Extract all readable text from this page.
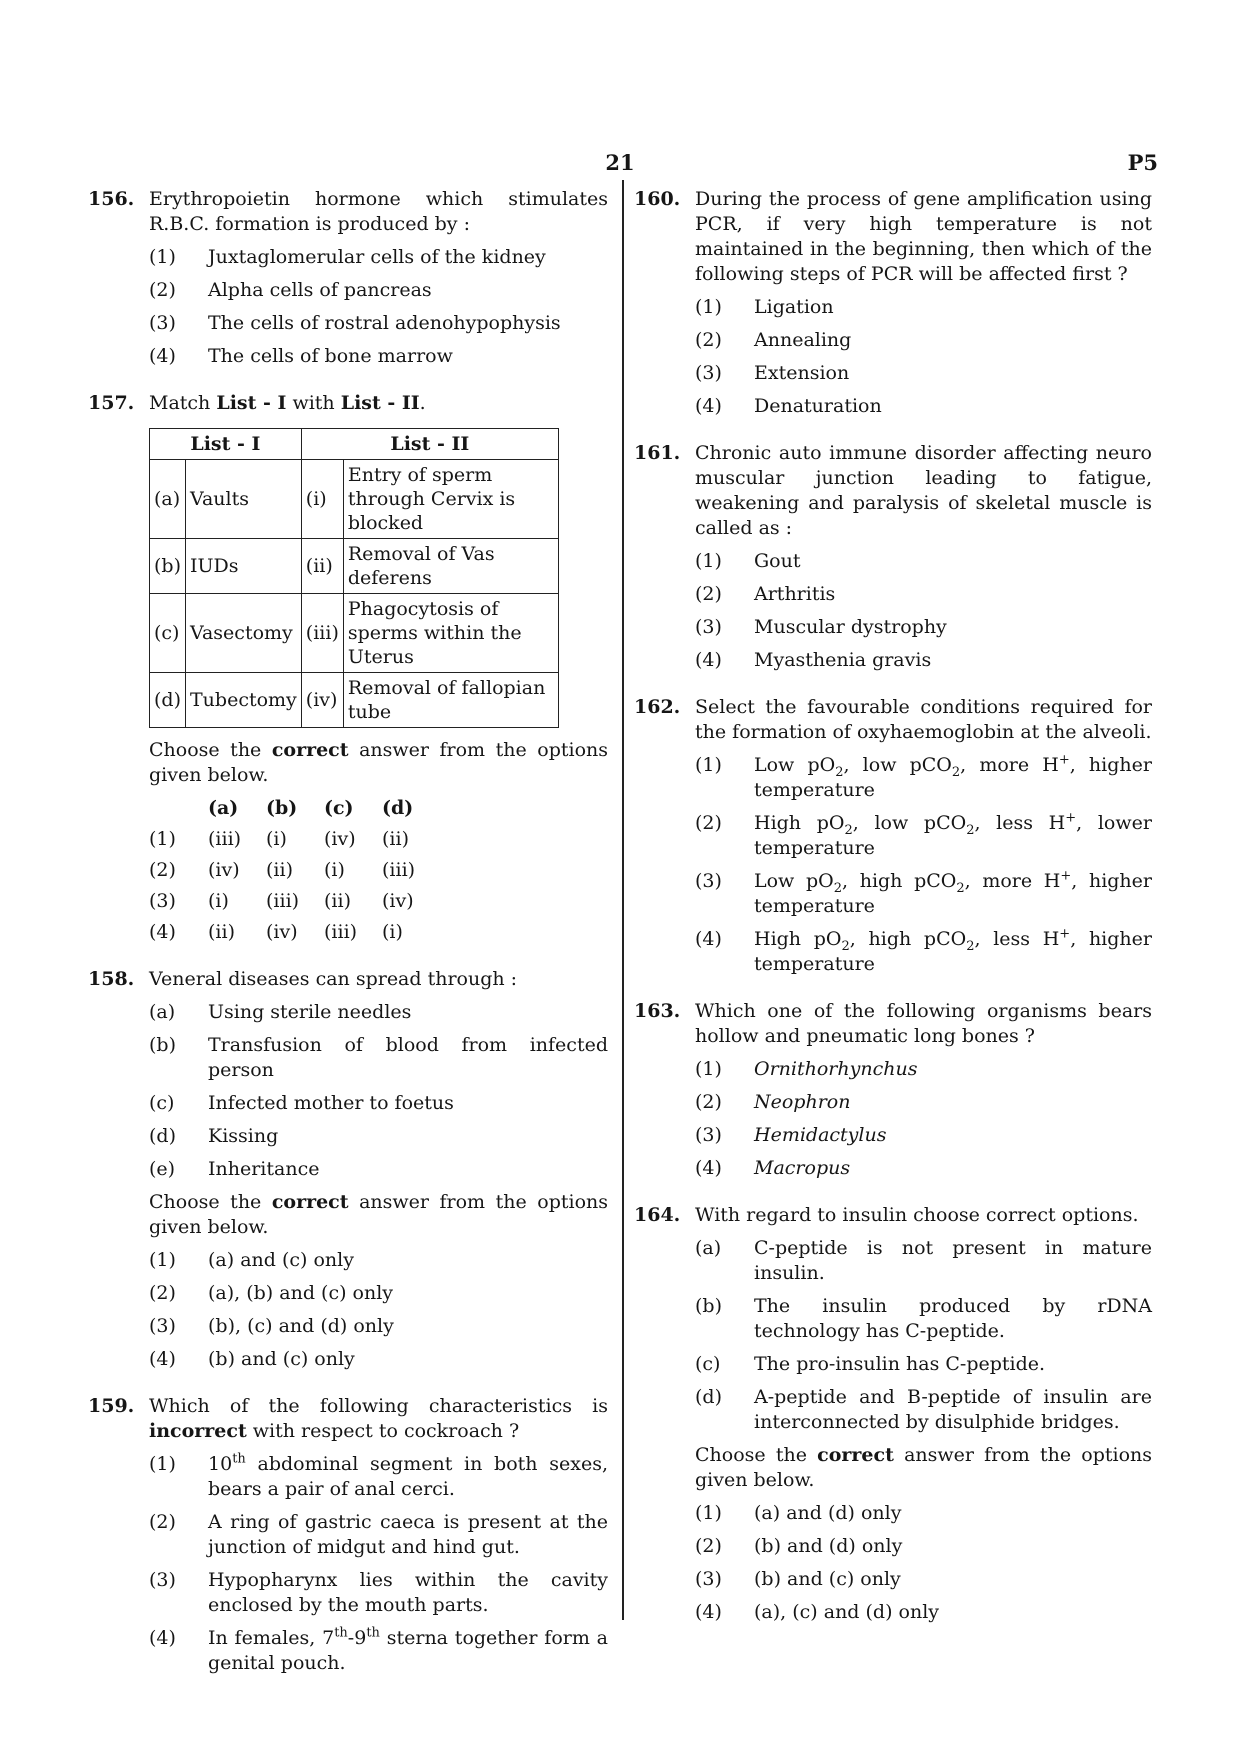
21	P5
156. Erythropoietin hormone which stimulates R.B.C. formation is produced by :
(1) Juxtaglomerular cells of the kidney
(2) Alpha cells of pancreas
(3) The cells of rostral adenohypophysis
(4) The cells of bone marrow
157. Match List - I with List - II.
List - I		List - II	
(a)	Vaults	(i)	Entry of sperm through Cervix is blocked
(b)	IUDs	(ii)	Removal of Vas deferens
(c)	Vasectomy	(iii)	Phagocytosis of sperms within the Uterus
(d)	Tubectomy	(iv)	Removal of fallopian tube
Choose the correct answer from the options given below.
(a)	(b)	(c)	(d)
(1) (iii)	(i)	(iv)	(ii)
(2) (iv)	(ii)	(i)	(iii)
(3) (i)	(iii)	(ii)	(iv)
(4) (ii)	(iv)	(iii)	(i)
158. Veneral diseases can spread through :
(a) Using sterile needles
(b) Transfusion of blood from infected person
(c) Infected mother to foetus
(d) Kissing
(e) Inheritance
Choose the correct answer from the options given below.
(1) (a) and (c) only
(2) (a), (b) and (c) only
(3) (b), (c) and (d) only
(4) (b) and (c) only
159. Which of the following characteristics is incorrect with respect to cockroach ?
(1) 10th abdominal segment in both sexes, bears a pair of anal cerci.
(2) A ring of gastric caeca is present at the junction of midgut and hind gut.
(3) Hypopharynx lies within the cavity enclosed by the mouth parts.
(4) In females, 7th-9th sterna together form a genital pouch.
160. During the process of gene amplification using PCR, if very high temperature is not maintained in the beginning, then which of the following steps of PCR will be affected first ?
(1) Ligation
(2) Annealing
(3) Extension
(4) Denaturation
161. Chronic auto immune disorder affecting neuro muscular junction leading to fatigue, weakening and paralysis of skeletal muscle is called as :
(1) Gout
(2) Arthritis
(3) Muscular dystrophy
(4) Myasthenia gravis
162. Select the favourable conditions required for the formation of oxyhaemoglobin at the alveoli.
(1) Low $pO_2$, low pCO$_2$, more H+, higher temperature
(2) High $pO_2$, low pCO$_2$, less H+, lower temperature
(3) Low $pO_2$, high pCO$_2$, more H+, higher temperature
(4) High $pO_2$, high pCO$_2$, less H+, higher temperature
163. Which one of the following organisms bears hollow and pneumatic long bones ?
(1) Ornithorhynchus
(2) Neophron
(3) Hemidactylus
(4) Macropus
164. With regard to insulin choose correct options.
(a) C-peptide is not present in mature insulin.
(b) The insulin produced by rDNA technology has C-peptide.
(c) The pro-insulin has C-peptide.
(d) A-peptide and B-peptide of insulin are interconnected by disulphide bridges.
Choose the correct answer from the options given below.
(1) (a) and (d) only
(2) (b) and (d) only
(3) (b) and (c) only
(4) (a), (c) and (d) only
